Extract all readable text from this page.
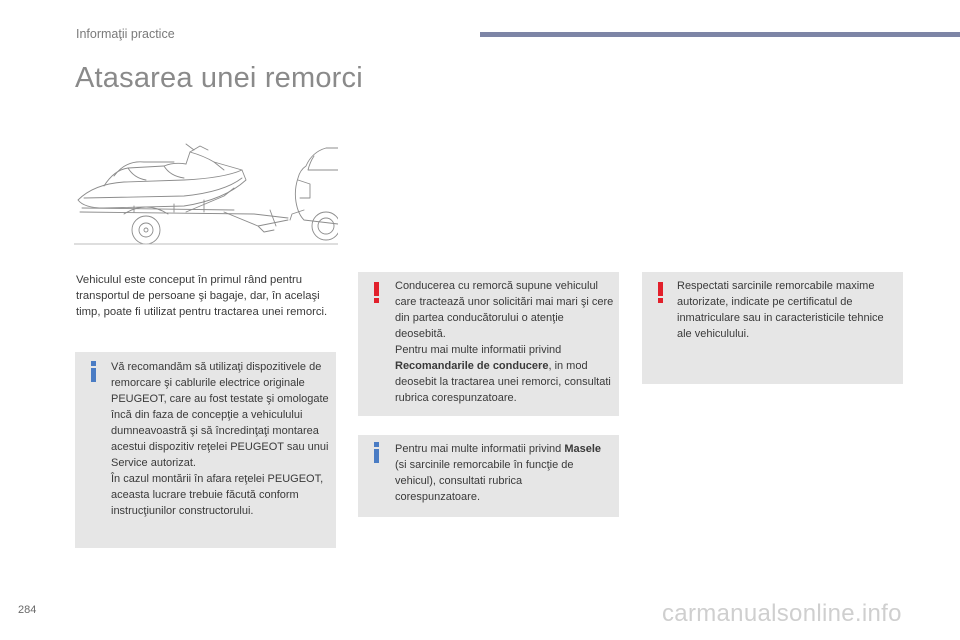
Informaţii practice
Atasarea unei remorci
Vehiculul este conceput în primul rând pentru transportul de persoane şi bagaje, dar, în acelaşi timp, poate fi utilizat pentru tractarea unei remorci.
Vă recomandăm să utilizaţi dispozitivele de remorcare şi cablurile electrice originale PEUGEOT, care au fost testate şi omologate încă din faza de concepţie a vehiculului dumneavoastră şi să încredinţaţi montarea acestui dispozitiv reţelei PEUGEOT sau unui Service autorizat.
În cazul montării în afara reţelei PEUGEOT, aceasta lucrare trebuie făcută conform instrucţiunilor constructorului.
Conducerea cu remorcă supune vehiculul care tractează unor solicitări mai mari şi cere din partea conducătorului o atenţie deosebită.
Pentru mai multe informatii privind Recomandarile de conducere, in mod deosebit la tractarea unei remorci, consultati rubrica corespunzatoare.
Pentru mai multe informatii privind Masele (si sarcinile remorcabile în funcţie de vehicul), consultati rubrica corespunzatoare.
Respectati sarcinile remorcabile maxime autorizate, indicate pe certificatul de inmatriculare sau in caracteristicile tehnice ale vehiculului.
284	carmanualsonline.info
